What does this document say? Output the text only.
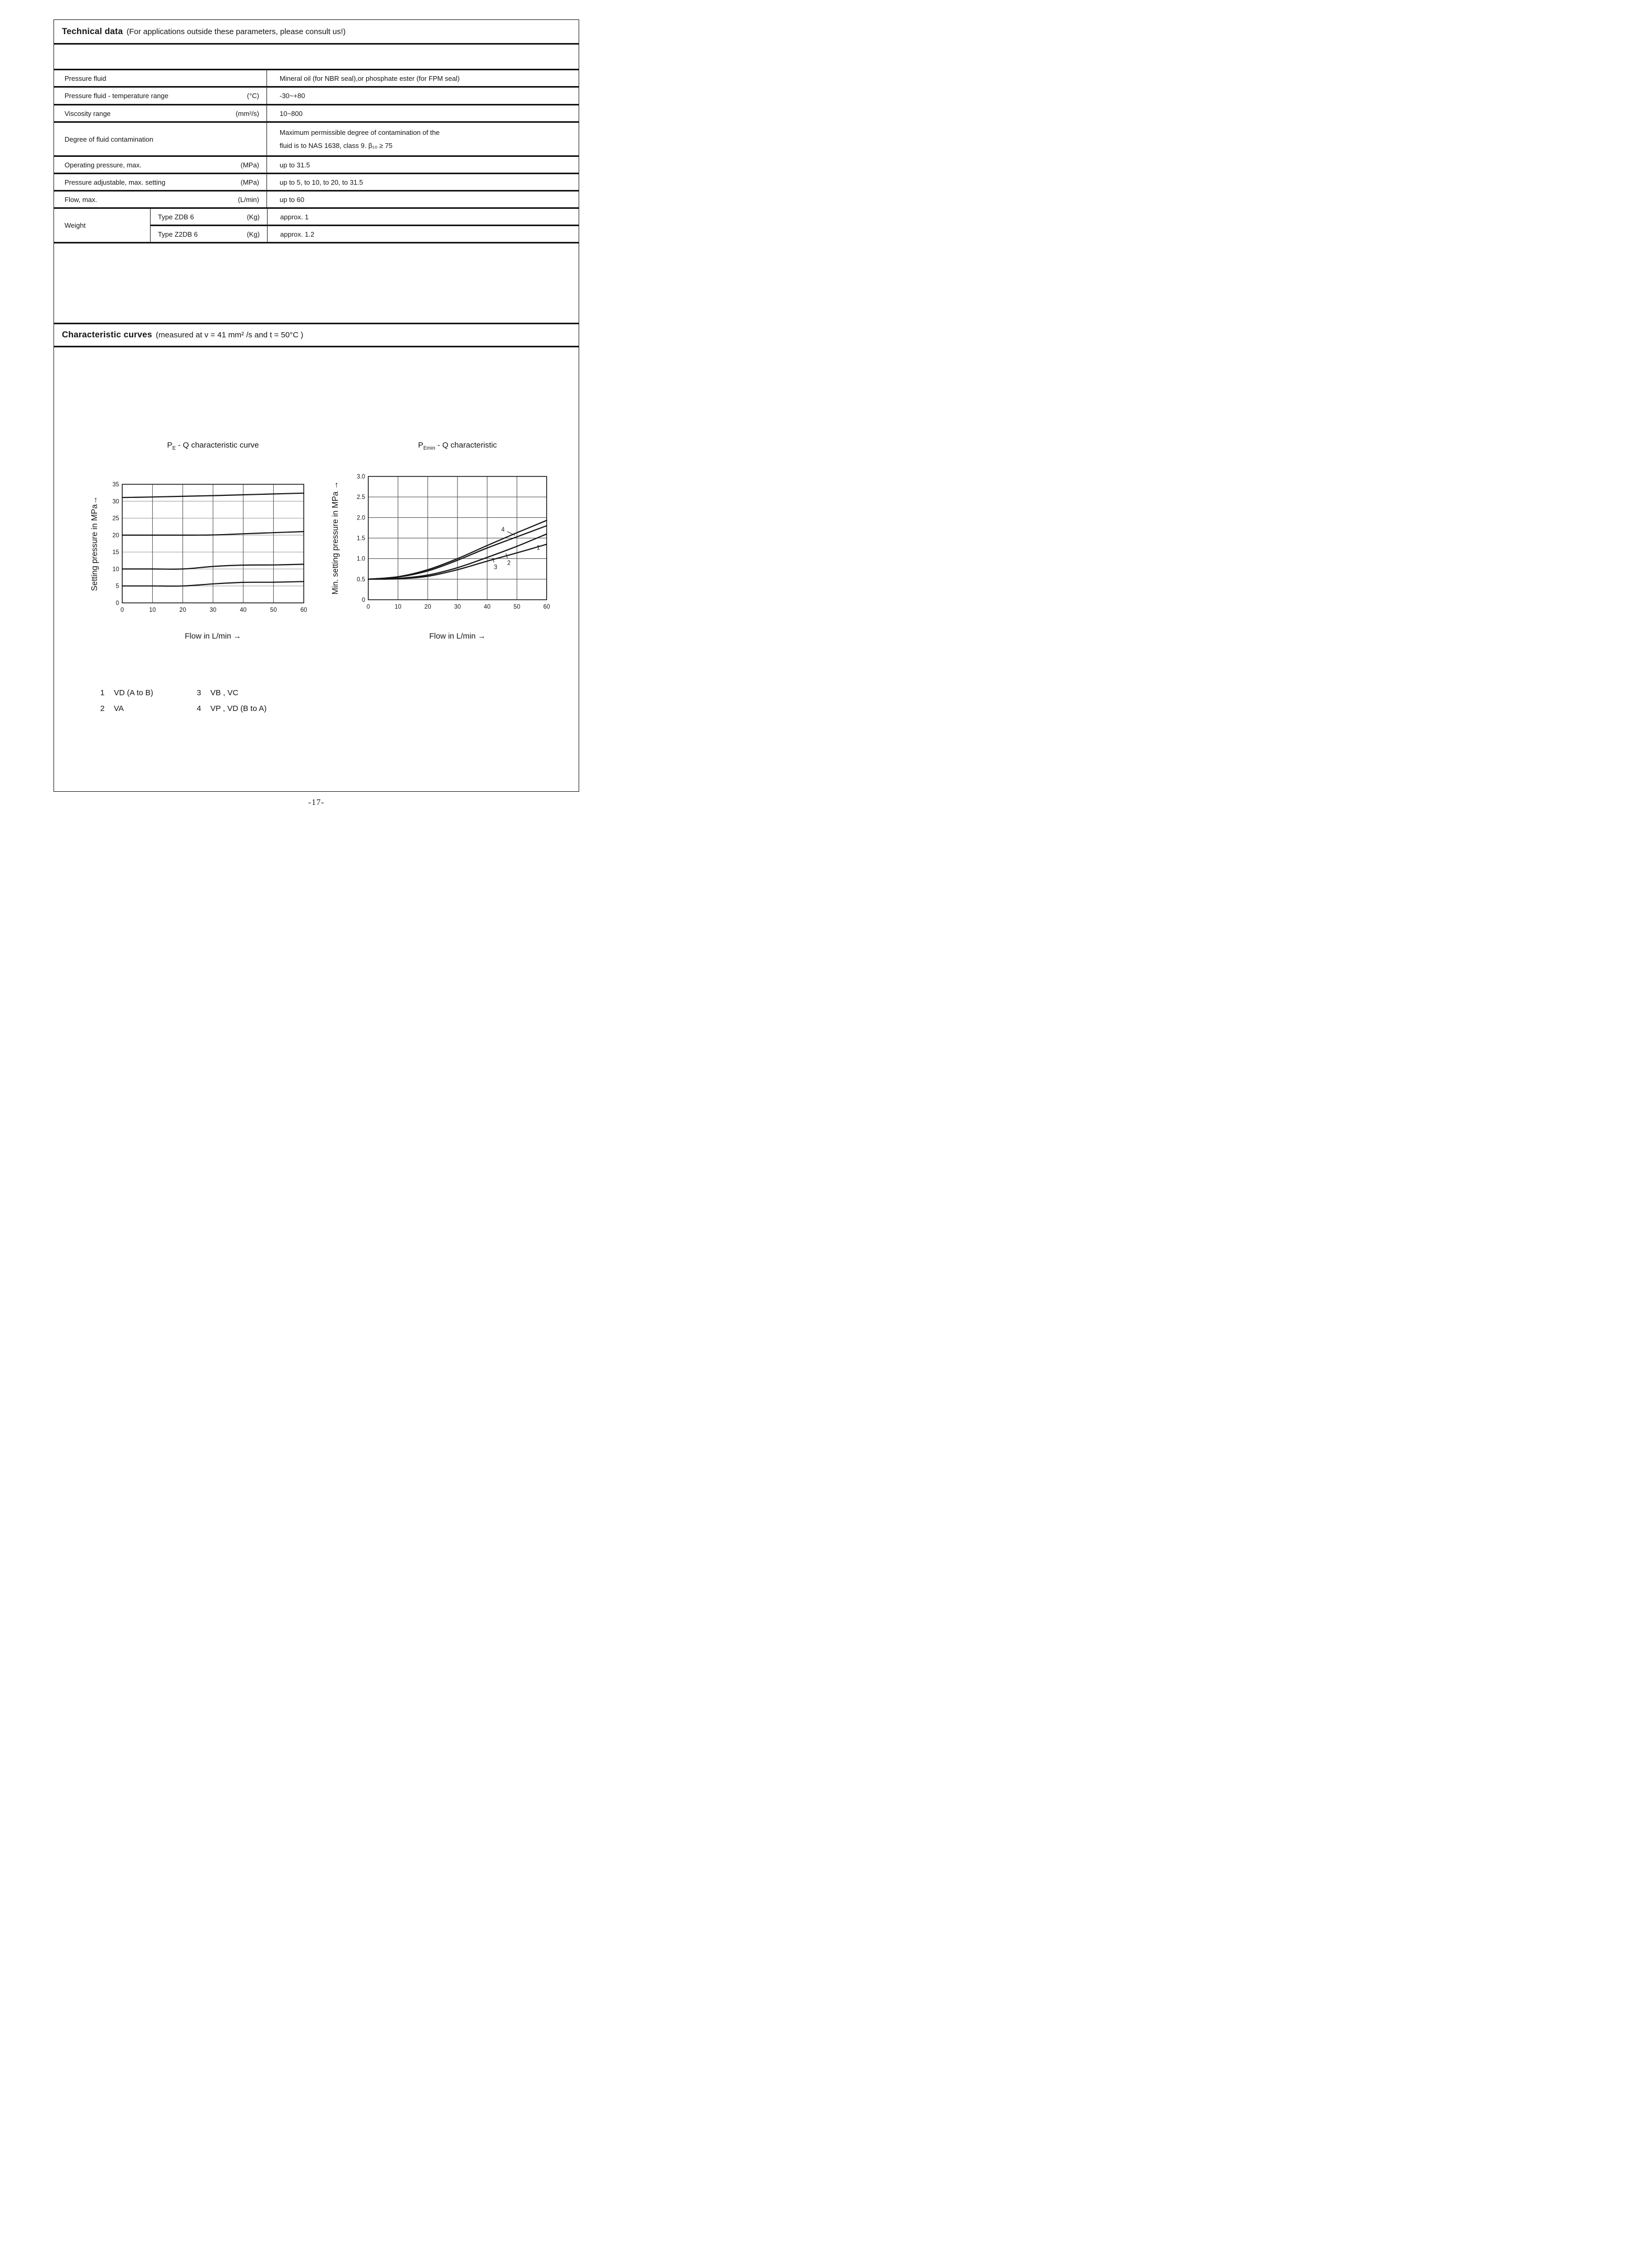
Technical data (For applications outside these parameters, please consult us!)
Pressure fluid	Mineral oil (for NBR seal),or phosphate ester (for FPM seal)
Pressure fluid - temperature range	(°C)	-30~+80
Viscosity range	(mm²/s)	10~800
Degree of fluid contamination
Maximum permissible degree of contamination of the
fluid is to NAS 1638, class 9. β₁₀ ≥ 75
Operating pressure, max.	(MPa)	up to 31.5
Pressure adjustable, max. setting	(MPa)	up to 5, to 10, to 20, to 31.5
Flow, max.	(L/min)	up to 60
Weight
Type ZDB 6	(Kg)	approx. 1
Type Z2DB 6	(Kg)	approx. 1.2
Characteristic curves (measured at v = 41 mm² /s and t = 50°C )
$P_E$ - Q characteristic curve	$P_{Emin}$ - Q characteristic
Setting pressure in MPa→	Min. setting pressure in MPa →
0
5
10
15
20
25
30
35
0	10	20	30	40	50	60
0
0.5
1.0
1.5
2.0
2.5
3.0
0	10	20	30	40	50	60
4
3
2
1
Flow in L/min →	Flow in L/min →
1	VD (A to B)	3	VB , VC
2	VA	4	VP , VD (B to A)
-17-
